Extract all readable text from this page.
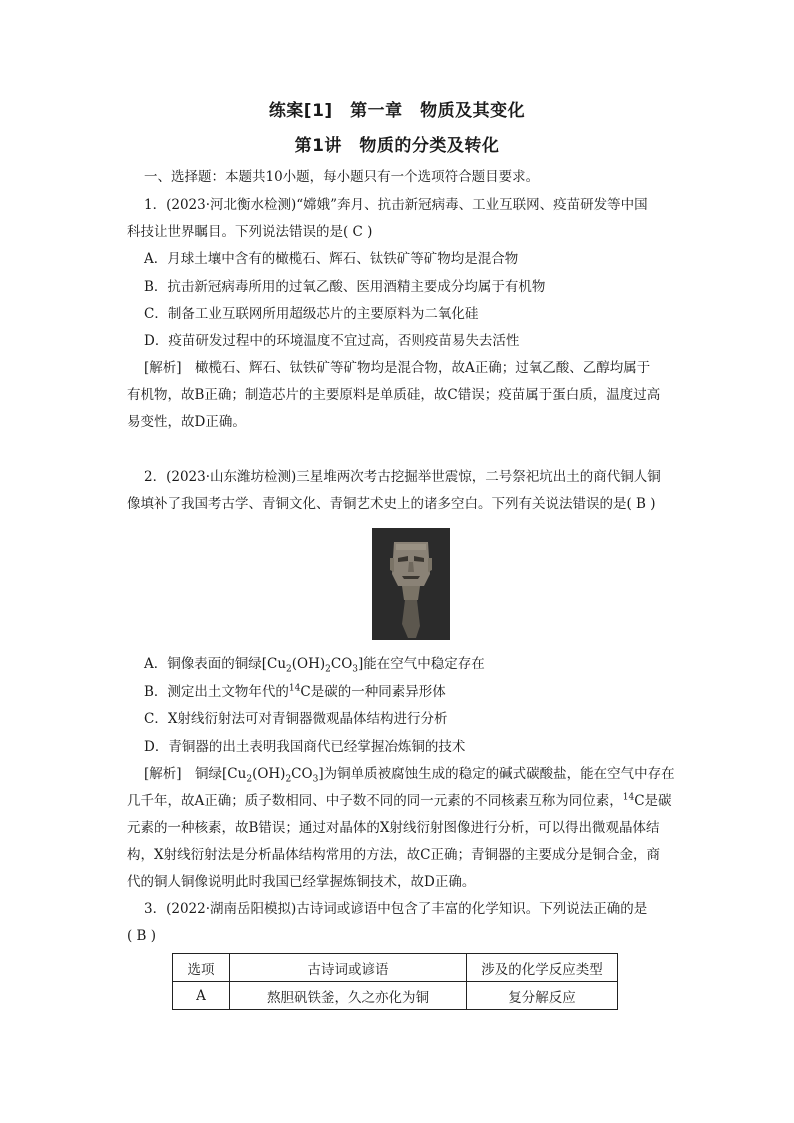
练案[1]　第一章　物质及其变化
第1讲　物质的分类及转化
一、选择题：本题共10小题，每小题只有一个选项符合题目要求。
1．(2023·河北衡水检测)“嫦娥”奔月、抗击新冠病毒、工业互联网、疫苗研发等中国
科技让世界瞩目。下列说法错误的是( C )
A．月球土壤中含有的橄榄石、辉石、钛铁矿等矿物均是混合物
B．抗击新冠病毒所用的过氧乙酸、医用酒精主要成分均属于有机物
C．制备工业互联网所用超级芯片的主要原料为二氧化硅
D．疫苗研发过程中的环境温度不宜过高，否则疫苗易失去活性
[解析]　橄榄石、辉石、钛铁矿等矿物均是混合物，故A正确；过氧乙酸、乙醇均属于
有机物，故B正确；制造芯片的主要原料是单质硅，故C错误；疫苗属于蛋白质，温度过高
易变性，故D正确。
2．(2023·山东潍坊检测)三星堆两次考古挖掘举世震惊，二号祭祀坑出土的商代铜人铜
像填补了我国考古学、青铜文化、青铜艺术史上的诸多空白。下列有关说法错误的是( B )
A．铜像表面的铜绿$[Cu_2(OH)_2CO_3]$能在空气中稳定存在
B．测定出土文物年代的$^{14}$C是碳的一种同素异形体
C．X射线衍射法可对青铜器微观晶体结构进行分析
D．青铜器的出土表明我国商代已经掌握冶炼铜的技术
[解析]　铜绿$[Cu_2(OH)_2CO_3]$为铜单质被腐蚀生成的稳定的碱式碳酸盐，能在空气中存在
几千年，故A正确；质子数相同、中子数不同的同一元素的不同核素互称为同位素，$^{14}$C是碳
元素的一种核素，故B错误；通过对晶体的X射线衍射图像进行分析，可以得出微观晶体结
构，X射线衍射法是分析晶体结构常用的方法，故C正确；青铜器的主要成分是铜合金，商
代的铜人铜像说明此时我国已经掌握炼铜技术，故D正确。
3．(2022·湖南岳阳模拟)古诗词或谚语中包含了丰富的化学知识。下列说法正确的是
( B )
选项	古诗词或谚语	涉及的化学反应类型
A	熬胆矾铁釜，久之亦化为铜	复分解反应
